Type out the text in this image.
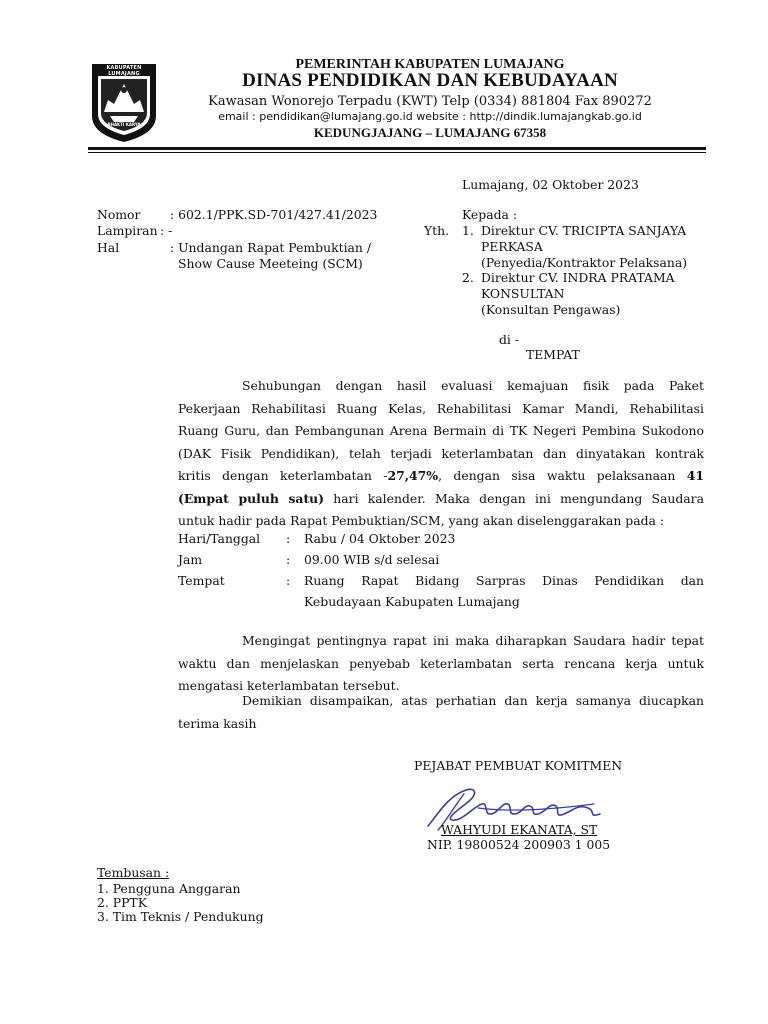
KABUPATEN LUMAJANG
BHAKTI KARYA
PEMERINTAH KABUPATEN LUMAJANG
DINAS PENDIDIKAN DAN KEBUDAYAAN
Kawasan Wonorejo Terpadu (KWT) Telp (0334) 881804 Fax 890272
email : pendidikan@lumajang.go.id website : http://dindik.lumajangkab.go.id
KEDUNGJAJANG – LUMAJANG 67358
Lumajang, 02 Oktober 2023
Nomor : 602.1/PPK.SD-701/427.41/2023
Lampiran : -
Hal	: Undangan Rapat Pembuktian /
Show Cause Meeteing (SCM)
Kepada :
Yth. 1. Direktur CV. TRICIPTA SANJAYA
PERKASA
(Penyedia/Kontraktor Pelaksana)
2. Direktur CV. INDRA PRATAMA
KONSULTAN
(Konsultan Pengawas)
di -
TEMPAT
Sehubungan dengan hasil evaluasi kemajuan fisik pada Paket
Pekerjaan Rehabilitasi Ruang Kelas, Rehabilitasi Kamar Mandi, Rehabilitasi
Ruang Guru, dan Pembangunan Arena Bermain di TK Negeri Pembina Sukodono
(DAK Fisik Pendidikan), telah terjadi keterlambatan dan dinyatakan kontrak
kritis dengan keterlambatan -27,47%, dengan sisa waktu pelaksanaan 41
(Empat puluh satu) hari kalender. Maka dengan ini mengundang Saudara
untuk hadir pada Rapat Pembuktian/SCM, yang akan diselenggarakan pada :
Hari/Tanggal : Rabu / 04 Oktober 2023
Jam	: 09.00 WIB s/d selesai
Tempat	: Ruang Rapat Bidang Sarpras Dinas Pendidikan dan
Kebudayaan Kabupaten Lumajang
Mengingat pentingnya rapat ini maka diharapkan Saudara hadir tepat
waktu dan menjelaskan penyebab keterlambatan serta rencana kerja untuk
mengatasi keterlambatan tersebut.
Demikian disampaikan, atas perhatian dan kerja samanya diucapkan
terima kasih
PEJABAT PEMBUAT KOMITMEN
WAHYUDI EKANATA, ST
NIP. 19800524 200903 1 005
Tembusan :
1. Pengguna Anggaran
2. PPTK
3. Tim Teknis / Pendukung
